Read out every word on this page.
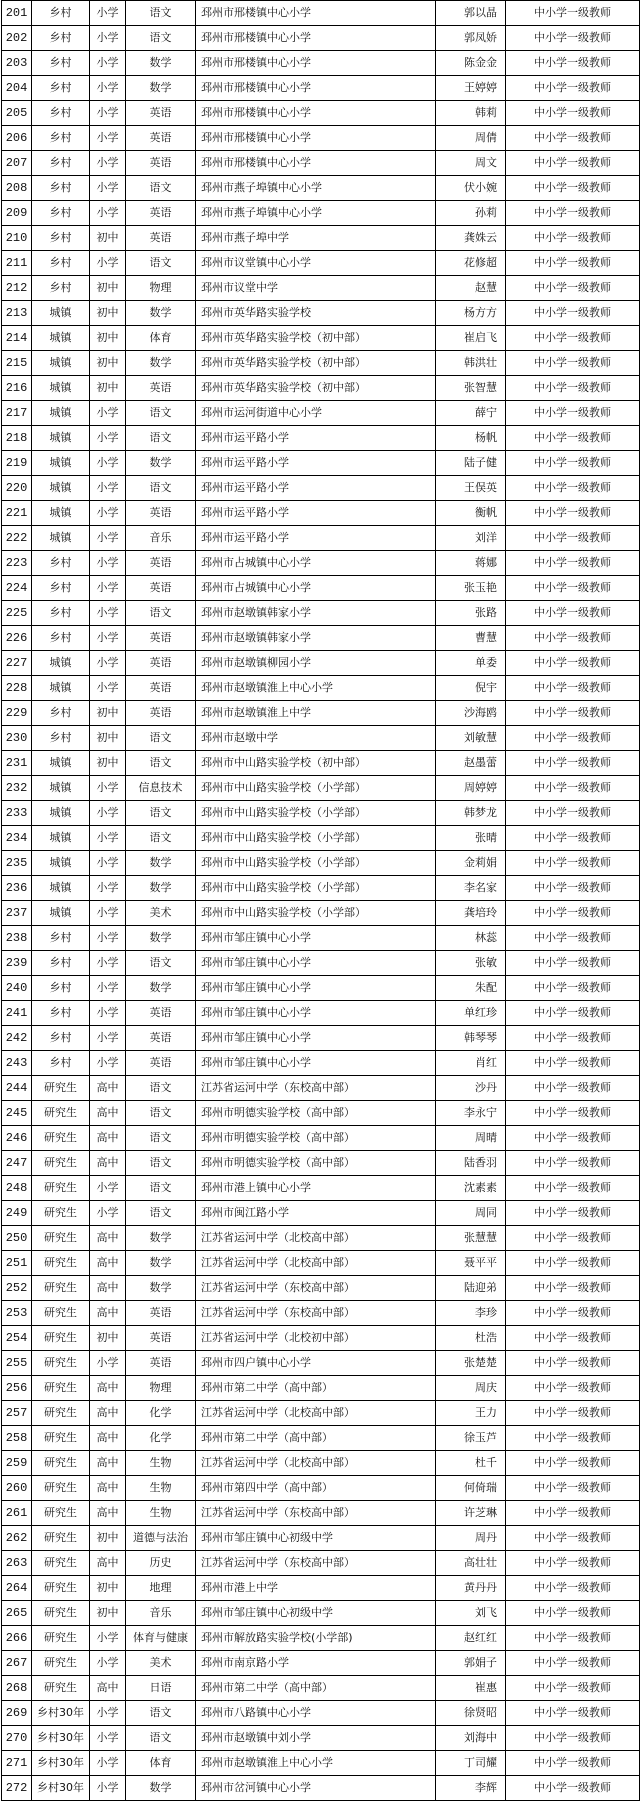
201	乡村	小学	语文	邳州市邢楼镇中心小学	郭以晶	中小学一级教师
202	乡村	小学	语文	邳州市邢楼镇中心小学	郭凤娇	中小学一级教师
203	乡村	小学	数学	邳州市邢楼镇中心小学	陈金金	中小学一级教师
204	乡村	小学	数学	邳州市邢楼镇中心小学	王婷婷	中小学一级教师
205	乡村	小学	英语	邳州市邢楼镇中心小学	韩莉	中小学一级教师
206	乡村	小学	英语	邳州市邢楼镇中心小学	周倩	中小学一级教师
207	乡村	小学	英语	邳州市邢楼镇中心小学	周文	中小学一级教师
208	乡村	小学	语文	邳州市燕子埠镇中心小学	伏小婉	中小学一级教师
209	乡村	小学	英语	邳州市燕子埠镇中心小学	孙莉	中小学一级教师
210	乡村	初中	英语	邳州市燕子埠中学	龚姝云	中小学一级教师
211	乡村	小学	语文	邳州市议堂镇中心小学	花修超	中小学一级教师
212	乡村	初中	物理	邳州市议堂中学	赵慧	中小学一级教师
213	城镇	初中	数学	邳州市英华路实验学校	杨方方	中小学一级教师
214	城镇	初中	体育	邳州市英华路实验学校（初中部）	崔启飞	中小学一级教师
215	城镇	初中	数学	邳州市英华路实验学校（初中部）	韩洪壮	中小学一级教师
216	城镇	初中	英语	邳州市英华路实验学校（初中部）	张智慧	中小学一级教师
217	城镇	小学	语文	邳州市运河街道中心小学	薛宁	中小学一级教师
218	城镇	小学	语文	邳州市运平路小学	杨帆	中小学一级教师
219	城镇	小学	数学	邳州市运平路小学	陆子健	中小学一级教师
220	城镇	小学	语文	邳州市运平路小学	王俣英	中小学一级教师
221	城镇	小学	英语	邳州市运平路小学	衡帆	中小学一级教师
222	城镇	小学	音乐	邳州市运平路小学	刘洋	中小学一级教师
223	乡村	小学	英语	邳州市占城镇中心小学	蒋娜	中小学一级教师
224	乡村	小学	英语	邳州市占城镇中心小学	张玉艳	中小学一级教师
225	乡村	小学	语文	邳州市赵墩镇韩家小学	张路	中小学一级教师
226	乡村	小学	英语	邳州市赵墩镇韩家小学	曹慧	中小学一级教师
227	城镇	小学	英语	邳州市赵墩镇柳园小学	单委	中小学一级教师
228	城镇	小学	英语	邳州市赵墩镇淮上中心小学	倪宇	中小学一级教师
229	乡村	初中	英语	邳州市赵墩镇淮上中学	沙海鸥	中小学一级教师
230	乡村	初中	语文	邳州市赵墩中学	刘敏慧	中小学一级教师
231	城镇	初中	语文	邳州市中山路实验学校（初中部）	赵墨蕾	中小学一级教师
232	城镇	小学	信息技术	邳州市中山路实验学校（小学部）	周婷婷	中小学一级教师
233	城镇	小学	语文	邳州市中山路实验学校（小学部）	韩梦龙	中小学一级教师
234	城镇	小学	语文	邳州市中山路实验学校（小学部）	张晴	中小学一级教师
235	城镇	小学	数学	邳州市中山路实验学校（小学部）	金莉娟	中小学一级教师
236	城镇	小学	数学	邳州市中山路实验学校（小学部）	李名家	中小学一级教师
237	城镇	小学	美术	邳州市中山路实验学校（小学部）	龚培玲	中小学一级教师
238	乡村	小学	数学	邳州市邹庄镇中心小学	林蕊	中小学一级教师
239	乡村	小学	语文	邳州市邹庄镇中心小学	张敏	中小学一级教师
240	乡村	小学	数学	邳州市邹庄镇中心小学	朱配	中小学一级教师
241	乡村	小学	英语	邳州市邹庄镇中心小学	单红珍	中小学一级教师
242	乡村	小学	英语	邳州市邹庄镇中心小学	韩琴琴	中小学一级教师
243	乡村	小学	英语	邳州市邹庄镇中心小学	肖红	中小学一级教师
244	研究生	高中	语文	江苏省运河中学（东校高中部）	沙丹	中小学一级教师
245	研究生	高中	语文	邳州市明德实验学校（高中部）	李永宁	中小学一级教师
246	研究生	高中	语文	邳州市明德实验学校（高中部）	周晴	中小学一级教师
247	研究生	高中	语文	邳州市明德实验学校（高中部）	陆香羽	中小学一级教师
248	研究生	小学	语文	邳州市港上镇中心小学	沈素素	中小学一级教师
249	研究生	小学	语文	邳州市闽江路小学	周同	中小学一级教师
250	研究生	高中	数学	江苏省运河中学（北校高中部）	张慧慧	中小学一级教师
251	研究生	高中	数学	江苏省运河中学（北校高中部）	聂平平	中小学一级教师
252	研究生	高中	数学	江苏省运河中学（东校高中部）	陆迎弟	中小学一级教师
253	研究生	高中	英语	江苏省运河中学（东校高中部）	李珍	中小学一级教师
254	研究生	初中	英语	江苏省运河中学（北校初中部）	杜浩	中小学一级教师
255	研究生	小学	英语	邳州市四户镇中心小学	张楚楚	中小学一级教师
256	研究生	高中	物理	邳州市第二中学（高中部）	周庆	中小学一级教师
257	研究生	高中	化学	江苏省运河中学（北校高中部）	王力	中小学一级教师
258	研究生	高中	化学	邳州市第二中学（高中部）	徐玉芦	中小学一级教师
259	研究生	高中	生物	江苏省运河中学（北校高中部）	杜千	中小学一级教师
260	研究生	高中	生物	邳州市第四中学（高中部）	何倚瑞	中小学一级教师
261	研究生	高中	生物	江苏省运河中学（东校高中部）	许芝琳	中小学一级教师
262	研究生	初中	道德与法治	邳州市邹庄镇中心初级中学	周丹	中小学一级教师
263	研究生	高中	历史	江苏省运河中学（东校高中部）	高壮壮	中小学一级教师
264	研究生	初中	地理	邳州市港上中学	黄丹丹	中小学一级教师
265	研究生	初中	音乐	邳州市邹庄镇中心初级中学	刘飞	中小学一级教师
266	研究生	小学	体育与健康	邳州市解放路实验学校(小学部)	赵红红	中小学一级教师
267	研究生	小学	美术	邳州市南京路小学	郭娟子	中小学一级教师
268	研究生	高中	日语	邳州市第二中学（高中部）	崔惠	中小学一级教师
269	乡村30年	小学	语文	邳州市八路镇中心小学	徐贤昭	中小学一级教师
270	乡村30年	小学	语文	邳州市赵墩镇中刘小学	刘海中	中小学一级教师
271	乡村30年	小学	体育	邳州市赵墩镇淮上中心小学	丁司耀	中小学一级教师
272	乡村30年	小学	数学	邳州市岔河镇中心小学	李辉	中小学一级教师
